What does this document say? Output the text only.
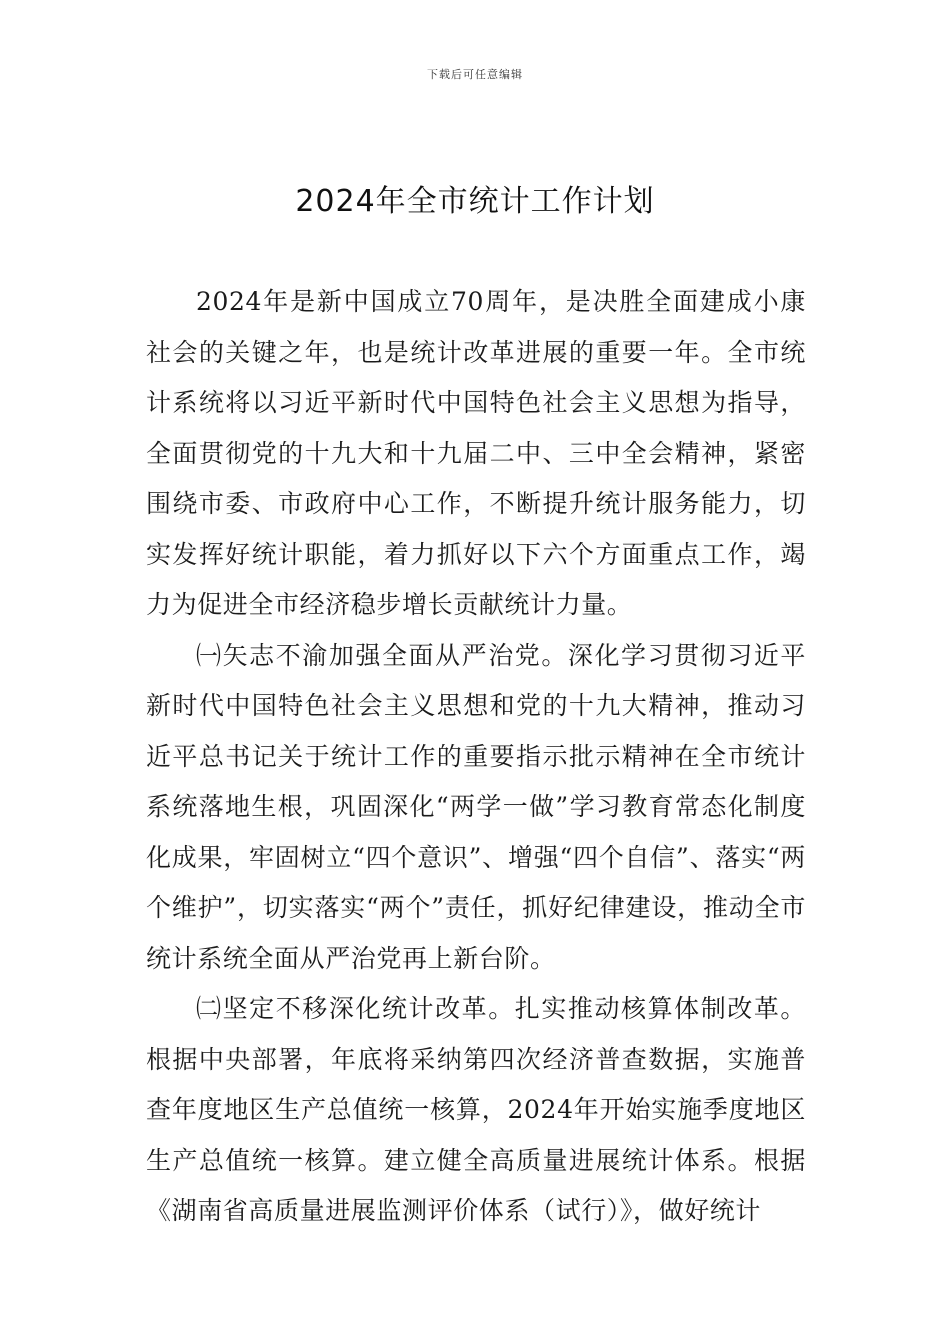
下载后可任意编辑
2024年全市统计工作计划

2024年是新中国成立70周年，是决胜全面建成小康社会的关键之年，也是统计改革进展的重要一年。全市统计系统将以习近平新时代中国特色社会主义思想为指导，全面贯彻党的十九大和十九届二中、三中全会精神，紧密围绕市委、市政府中心工作，不断提升统计服务能力，切实发挥好统计职能，着力抓好以下六个方面重点工作，竭力为促进全市经济稳步增长贡献统计力量。

㈠矢志不渝加强全面从严治党。深化学习贯彻习近平新时代中国特色社会主义思想和党的十九大精神，推动习近平总书记关于统计工作的重要指示批示精神在全市统计系统落地生根，巩固深化“两学一做”学习教育常态化制度化成果，牢固树立“四个意识”、增强“四个自信”、落实“两个维护”，切实落实“两个”责任，抓好纪律建设，推动全市统计系统全面从严治党再上新台阶。

㈡坚定不移深化统计改革。扎实推动核算体制改革。根据中央部署，年底将采纳第四次经济普查数据，实施普查年度地区生产总值统一核算，2024年开始实施季度地区生产总值统一核算。建立健全高质量进展统计体系。根据《湖南省高质量进展监测评价体系（试行）》，做好统计
